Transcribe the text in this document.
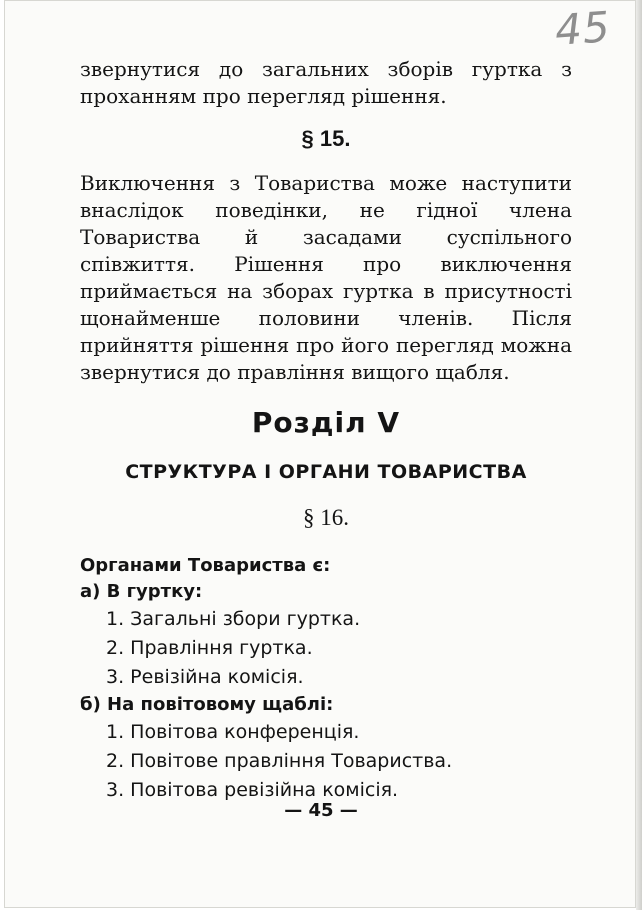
45

звернутися до загальних зборів гуртка з проханням про перегляд рішення.

§ 15.

Виключення з Товариства може наступити внаслідок поведінки, не гідної члена Товариства й засадами суспільного співжиття. Рішення про виключення приймається на зборах гуртка в присутності щонайменше половини членів. Після прийняття рішення про його перегляд можна звернутися до правління вищого щабля.

Розділ V

СТРУКТУРА І ОРГАНИ ТОВАРИСТВА

§ 16.

Органами Товариства є:

а) В гуртку:

1. Загальні збори гуртка.
2. Правління гуртка.
3. Ревізійна комісія.

б) На повітовому щаблі:

1. Повітова конференція.
2. Повітове правління Товариства.
3. Повітова ревізійна комісія.
— 45 —
